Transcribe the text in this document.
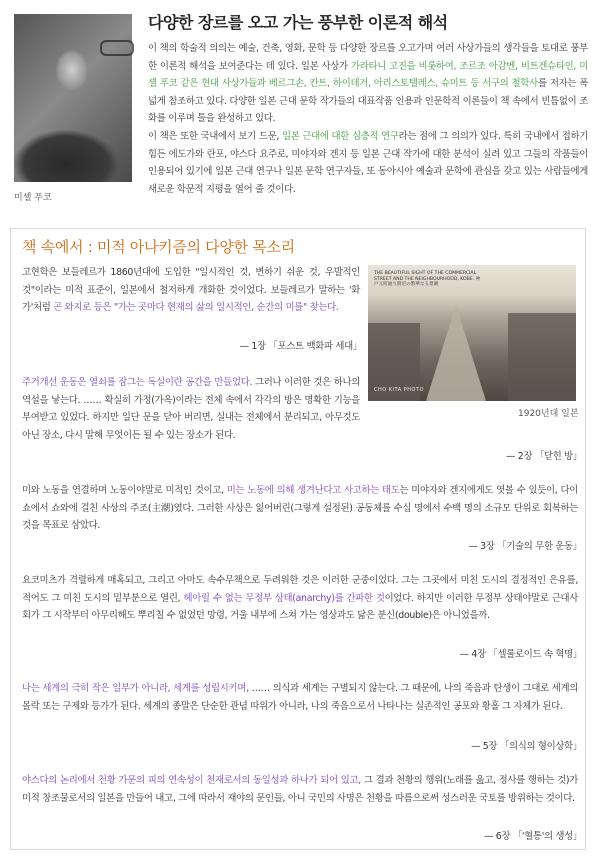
미셸 푸코
다양한 장르를 오고 가는 풍부한 이론적 해석

이 책의 학술적 의의는 예술, 건축, 영화, 문학 등 다양한 장르를 오고가며 여러 사상가들의 생각들을 토대로 풍부한 이론적 해석을 보여준다는 데 있다. 일본 사상가 가라타니 고진을 비롯하여, 조르조 아감벤, 비트겐슈타인, 미셸 푸코 같은 현대 사상가들과 베르그손, 칸트, 하이데거, 아리스토텔레스, 슈미트 등 서구의 철학사를 저자는 폭넓게 참조하고 있다. 다양한 일본 근대 문학 작가들의 대표작품 인용과 인문학적 이론들이 책 속에서 빈틈없이 조화를 이루며 틀을 완성하고 있다.

이 책은 또한 국내에서 보기 드문, 일본 근대에 대한 심층적 연구라는 점에 그 의의가 있다. 특히 국내에서 접하기 힘든 에도가와 란포, 야스다 요주로, 미야자와 겐지 등 일본 근대 작가에 대한 분석이 실려 있고 그들의 작품들이 인용되어 있기에 일본 근대 연구나 일본 문학 연구자들, 또 동아시아 예술과 문학에 관심을 갖고 있는 사람들에게 새로운 학문적 지평을 열어 줄 것이다.

책 속에서 : 미적 아나키즘의 다양한 목소리
THE BEAUTIFUL SIGHT OF THE COMMERCIAL STREET AND THE NEIGHBOURHOOD, KOBE. 神戸元町通り附近の繁華なる景観
CHO KITA PHOTO
1920년대 일본

고현학은 보들레르가 1860년대에 도입한 "일시적인 것, 변하기 쉬운 것, 우발적인 것"이라는 미적 표준이, 일본에서 철저하게 개화한 것이었다. 보들레르가 말하는 '화가'처럼 곤 와지로 등은 "가는 곳마다 현재의 삶의 일시적인, 순간의 미를" 찾는다.

— 1장 「포스트 백화파 세대」

주거개선 운동은 열쇠를 잠그는 독실이란 공간을 만들었다. 그러나 이러한 것은 하나의 역설을 낳는다. …… 확실히 가정(가옥)이라는 전체 속에서 각각의 방은 명확한 기능을 부여받고 있었다. 하지만 일단 문을 닫아 버리면, 실내는 전체에서 분리되고, 아무것도 아닌 장소, 다시 말해 무엇이든 될 수 있는 장소가 된다.

— 2장 「닫힌 방」

미와 노동을 연결하며 노동이야말로 미적인 것이고, 미는 노동에 의해 생겨난다고 사고하는 태도는 미야자와 겐지에게도 엿볼 수 있듯이, 다이쇼에서 쇼와에 걸친 사상의 주조(主潮)였다. 그러한 사상은 잃어버린(그렇게 설정된) 공동체를 수십 명에서 수백 명의 소규모 단위로 회복하는 것을 목표로 삼았다.

— 3장 「기술의 무한 운동」

요코미츠가 격렬하게 매혹되고, 그리고 아마도 속수무책으로 두려워한 것은 이러한 군중이었다. 그는 그곳에서 미친 도시의 결정적인 은유를, 적어도 그 미친 도시의 밑부분으로 열린, 헤아릴 수 없는 무정부 상태(anarchy)를 간파한 것이었다. 하지만 이러한 무정부 상태야말로 근대사회가 그 시작부터 아무리해도 뿌리칠 수 없었던 망령, 거울 내부에 스쳐 가는 영상과도 닮은 분신(double)은 아니었을까.

— 4장 「셀룰로이드 속 혁명」

나는 세계의 극히 작은 일부가 아니라, 세계를 성립시키며, …… 의식과 세계는 구별되지 않는다. 그 때문에, 나의 죽음과 탄생이 그대로 세계의 몰락 또는 구제와 등가가 된다. 세계의 종말은 단순한 관념 따위가 아니라, 나의 죽음으로서 나타나는 실존적인 공포와 황홀 그 자체가 된다.

— 5장 「의식의 형이상학」

야스다의 논리에서 천황 가문의 피의 연속성이 천재로서의 동일성과 하나가 되어 있고, 그 결과 천황의 행위(노래를 읊고, 정사를 행하는 것)가 미적 창조물로서의 일본을 만들어 내고, 그에 따라서 재야의 문인들, 아니 국민의 사명은 천황을 따름으로써 성스러운 국토를 방위하는 것이다.

— 6장 「'혈통'의 생성」
